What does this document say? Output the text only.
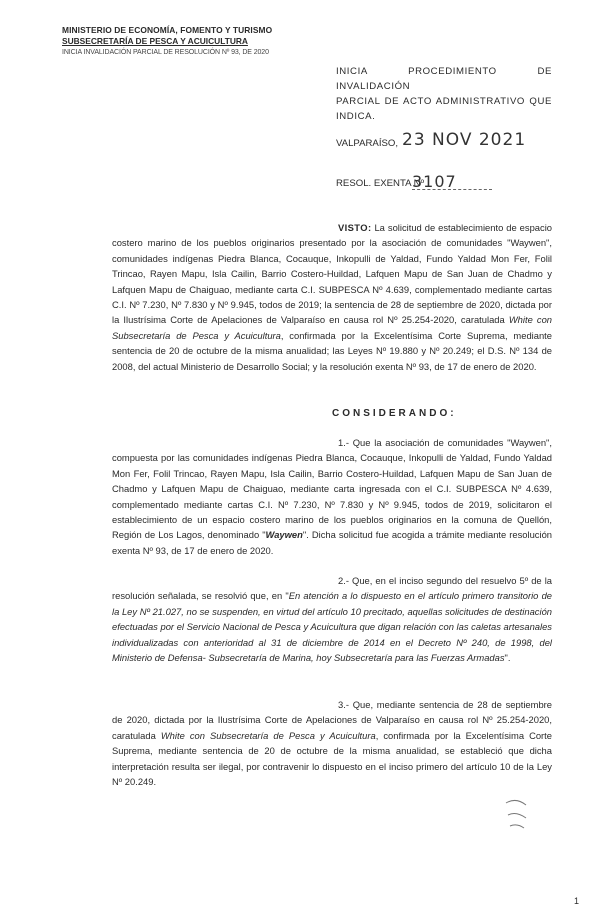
MINISTERIO DE ECONOMÍA, FOMENTO Y TURISMO
SUBSECRETARÍA DE PESCA Y ACUICULTURA
INICIA INVALIDACIÓN PARCIAL DE RESOLUCIÓN Nº 93, DE 2020
INICIA PROCEDIMIENTO DE INVALIDACIÓN
PARCIAL DE ACTO ADMINISTRATIVO QUE INDICA.
VALPARAÍSO, 23 NOV 2021
RESOL. EXENTA Nº
3107

VISTO: La solicitud de establecimiento de espacio costero marino de los pueblos originarios presentado por la asociación de comunidades "Waywen", comunidades indígenas Piedra Blanca, Cocauque, Inkopulli de Yaldad, Fundo Yaldad Mon Fer, Folil Trincao, Rayen Mapu, Isla Cailin, Barrio Costero-Huildad, Lafquen Mapu de San Juan de Chadmo y Lafquen Mapu de Chaiguao, mediante carta C.I. SUBPESCA Nº 4.639, complementado mediante cartas C.I. Nº 7.230, Nº 7.830 y Nº 9.945, todos de 2019; la sentencia de 28 de septiembre de 2020, dictada por la Ilustrísima Corte de Apelaciones de Valparaíso en causa rol Nº 25.254-2020, caratulada White con Subsecretaría de Pesca y Acuicultura, confirmada por la Excelentísima Corte Suprema, mediante sentencia de 20 de octubre de la misma anualidad; las Leyes Nº 19.880 y Nº 20.249; el D.S. Nº 134 de 2008, del actual Ministerio de Desarrollo Social; y la resolución exenta Nº 93, de 17 de enero de 2020.

CONSIDERANDO:

1.- Que la asociación de comunidades "Waywen", compuesta por las comunidades indígenas Piedra Blanca, Cocauque, Inkopulli de Yaldad, Fundo Yaldad Mon Fer, Folil Trincao, Rayen Mapu, Isla Cailin, Barrio Costero-Huildad, Lafquen Mapu de San Juan de Chadmo y Lafquen Mapu de Chaiguao, mediante carta ingresada con el C.I. SUBPESCA Nº 4.639, complementado mediante cartas C.I. Nº 7.230, Nº 7.830 y Nº 9.945, todos de 2019, solicitaron el establecimiento de un espacio costero marino de los pueblos originarios en la comuna de Quellón, Región de Los Lagos, denominado "Waywen". Dicha solicitud fue acogida a trámite mediante resolución exenta Nº 93, de 17 de enero de 2020.

2.- Que, en el inciso segundo del resuelvo 5º de la resolución señalada, se resolvió que, en "En atención a lo dispuesto en el artículo primero transitorio de la Ley Nº 21.027, no se suspenden, en virtud del artículo 10 precitado, aquellas solicitudes de destinación efectuadas por el Servicio Nacional de Pesca y Acuicultura que digan relación con las caletas artesanales individualizadas con anterioridad al 31 de diciembre de 2014 en el Decreto Nº 240, de 1998, del Ministerio de Defensa- Subsecretaría de Marina, hoy Subsecretaría para las Fuerzas Armadas".

3.- Que, mediante sentencia de 28 de septiembre de 2020, dictada por la Ilustrísima Corte de Apelaciones de Valparaíso en causa rol Nº 25.254-2020, caratulada White con Subsecretaría de Pesca y Acuicultura, confirmada por la Excelentísima Corte Suprema, mediante sentencia de 20 de octubre de la misma anualidad, se estableció que dicha interpretación resulta ser ilegal, por contravenir lo dispuesto en el inciso primero del artículo 10 de la Ley Nº 20.249.

1
